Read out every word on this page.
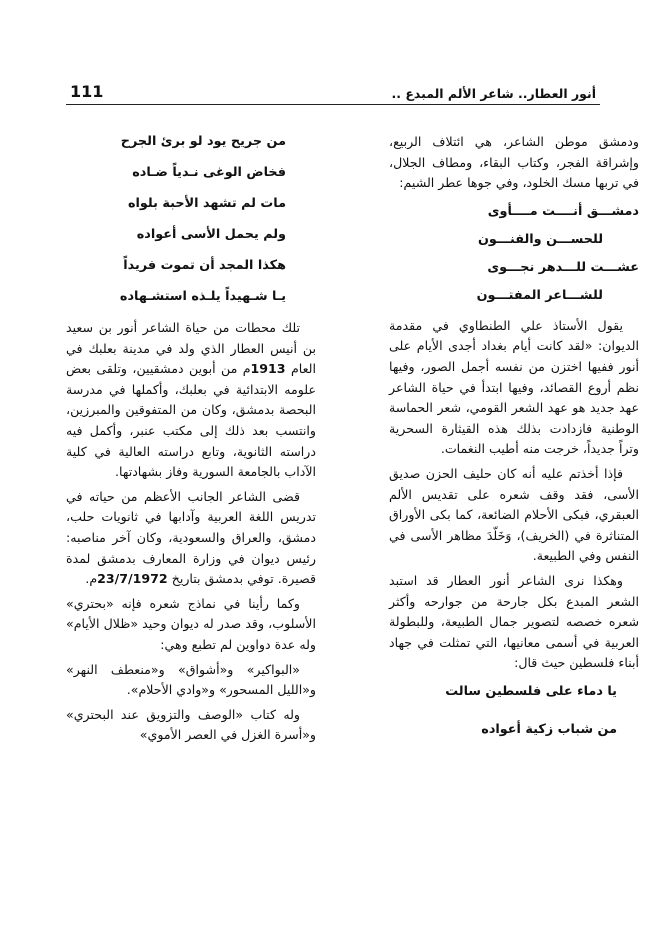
أنور العطار.. شاعر الألم المبدع ..
111

ودمشق موطن الشاعر، هي ائتلاف الربيع، وإشراقة الفجر، وكتاب البقاء، ومطاف الجلال، في تربها مسك الخلود، وفي جوها عطر الشيم:

دمشـــق أنــــت مــــأوى

للحســـن والفنـــون

عشـــت للـــدهر نجـــوى

للشـــاعر المفتـــون

يقول الأستاذ علي الطنطاوي في مقدمة الديوان: «لقد كانت أيام بغداد أجدى الأيام على أنور ففيها اختزن من نفسه أجمل الصور، وفيها نظم أروع القصائد، وفيها ابتدأ في حياة الشاعر عهد جديد هو عهد الشعر القومي، شعر الحماسة الوطنية فازدادت بذلك هذه القيثارة السحرية وتراً جديداً، خرجت منه أطيب النغمات.

فإذا أخذتم عليه أنه كان حليف الحزن صديق الأسى، فقد وقف شعره على تقديس الألم العبقري، فبكى الأحلام الضائعة، كما بكى الأوراق المتناثرة في (الخريف)، وَخَلّدَ مظاهر الأسى في النفس وفي الطبيعة.

وهكذا نرى الشاعر أنور العطار قد استبد الشعر المبدع بكل جارحة من جوارحه وأكثر شعره خصصه لتصوير جمال الطبيعة، وللبطولة العربية في أسمى معانيها، التي تمثلت في جهاد أبناء فلسطين حيث قال:

يا دماء على فلسطين سالت

من شباب زكية أعواده

من جريح يود لو برئ الجرح

فخاض الوغى نـدياً ضـاده

مات لم تشهد الأحبة بلواه

ولم يحمل الأسى أعواده

هكذا المجد أن تموت فريداً

يـا شـهيداً يلـذه استشـهاده

تلك محطات من حياة الشاعر أنور بن سعيد بن أنيس العطار الذي ولد في مدينة بعلبك في العام 1913م من أبوين دمشقيين، وتلقى بعض علومه الابتدائية في بعلبك، وأكملها في مدرسة البحصة بدمشق، وكان من المتفوقين والمبرزين، وانتسب بعد ذلك إلى مكتب عنبر، وأكمل فيه دراسته الثانوية، وتابع دراسته العالية في كلية الآداب بالجامعة السورية وفاز بشهادتها.

قضى الشاعر الجانب الأعظم من حياته في تدريس اللغة العربية وآدابها في ثانويات حلب، دمشق، والعراق والسعودية، وكان آخر مناصبه: رئيس ديوان في وزارة المعارف بدمشق لمدة قصيرة. توفي بدمشق بتاريخ 23/7/1972م.

وكما رأينا في نماذج شعره فإنه «بحتري» الأسلوب، وقد صدر له ديوان وحيد «ظلال الأيام» وله عدة دواوين لم تطبع وهي:

«البواكير» و«أشواق» و«منعطف النهر» و«الليل المسحور» و«وادي الأحلام».

وله كتاب «الوصف والتزويق عند البحتري» و«أسرة الغزل في العصر الأموي»
